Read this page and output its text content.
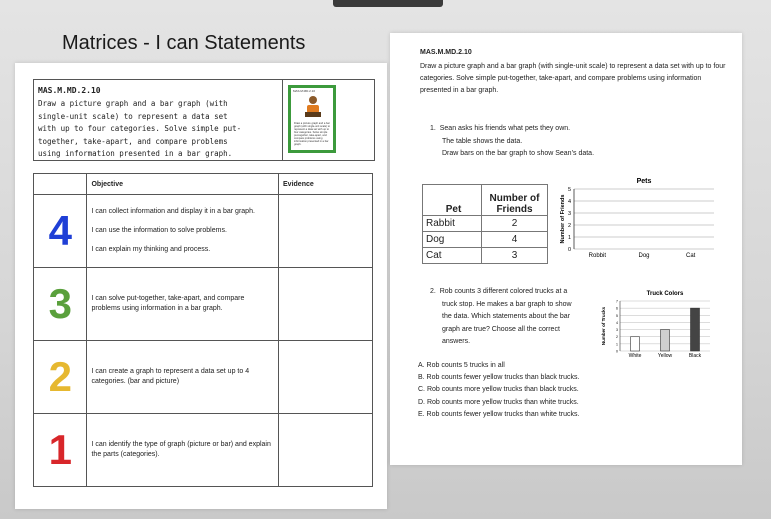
Matrices - I can Statements
MAS.M.MD.2.10
Draw a picture graph and a bar graph (with single-unit scale) to represent a data set with up to four categories. Solve simple put-together, take-apart, and compare problems using information presented in a bar graph.
MAS.M.MD.2.10
Draw a picture graph and a bar graph (with single-unit scale) to represent a data set with up to four categories. Solve simple put-together, take-apart, and compare problems using information presented in a bar graph.
	Objective	Evidence
4	I can collect information and display it in a bar graph.

I can use the information to solve problems.

I can explain my thinking and process.	

3	I can solve put-together, take-apart, and compare problems using information in a bar graph.	

2	I can create a graph to represent a data set up to 4 categories. (bar and picture)	

1	I can identify the type of graph (picture or bar) and explain the parts (categories).	

MAS.M.MD.2.10
Draw a picture graph and a bar graph (with single-unit scale) to represent a data set with up to four categories. Solve simple put-together, take-apart, and compare problems using information presented in a bar graph.
1. Sean asks his friends what pets they own.
The table shows the data.
Draw bars on the bar graph to show Sean’s data.
Pet	Number of
Friends

Rabbit	2
Dog	4
Cat	3
Pets
0
1
2
3
4
5
Number of Friends
Robbit	Dog	Cat
2. Rob counts 3 different colored trucks at a
truck stop. He makes a bar graph to show
the data. Which statements about the bar
graph are true? Choose all the correct
answers.
Truck Colors
0
1
2
3
4
5
6
7
Number of Trucks
White	Yellow	Black
A. Rob counts 5 trucks in all
B. Rob counts fewer yellow trucks than black trucks.
C. Rob counts more yellow trucks than black trucks.
D. Rob counts more yellow trucks than white trucks.
E. Rob counts fewer yellow trucks than white trucks.
